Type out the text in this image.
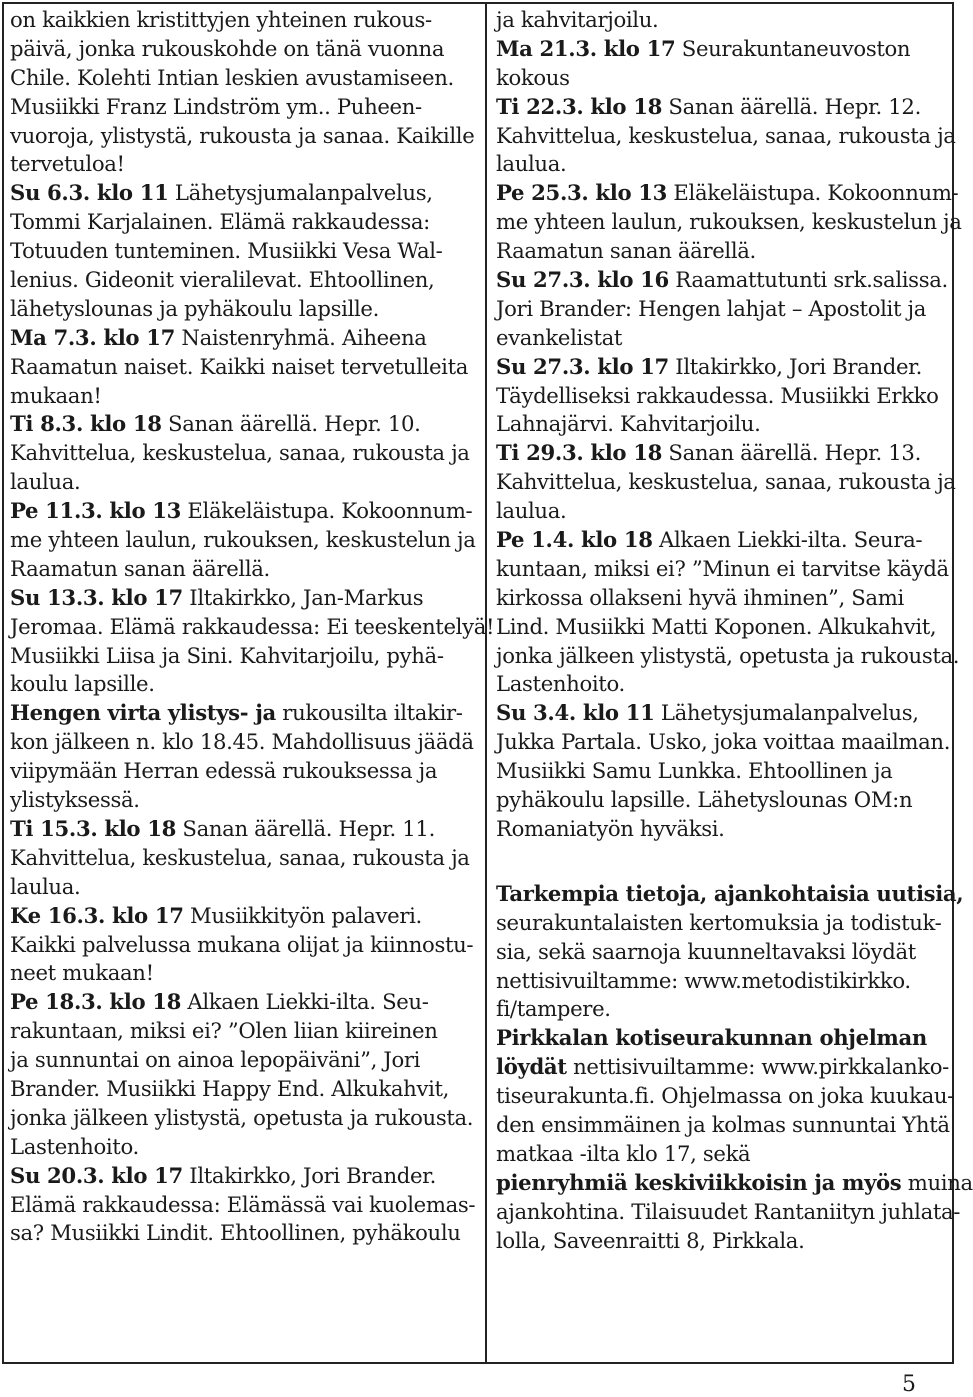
on kaikkien kristittyjen yhteinen rukous-
päivä, jonka rukouskohde on tänä vuonna
Chile. Kolehti Intian leskien avustamiseen.
Musiikki Franz Lindström ym.. Puheen-
vuoroja, ylistystä, rukousta ja sanaa. Kaikille
tervetuloa!
Su 6.3. klo 11 Lähetysjumalanpalvelus,
Tommi Karjalainen. Elämä rakkaudessa:
Totuuden tunteminen. Musiikki Vesa Wal-
lenius. Gideonit vieralilevat. Ehtoollinen,
lähetyslounas ja pyhäkoulu lapsille.
Ma 7.3. klo 17 Naistenryhmä. Aiheena
Raamatun naiset. Kaikki naiset tervetulleita
mukaan!
Ti 8.3. klo 18 Sanan äärellä. Hepr. 10.
Kahvittelua, keskustelua, sanaa, rukousta ja
laulua.
Pe 11.3. klo 13 Eläkeläistupa. Kokoonnum-
me yhteen laulun, rukouksen, keskustelun ja
Raamatun sanan äärellä.
Su 13.3. klo 17 Iltakirkko, Jan-Markus
Jeromaa. Elämä rakkaudessa: Ei teeskentelyä!
Musiikki Liisa ja Sini. Kahvitarjoilu, pyhä-
koulu lapsille.
Hengen virta ylistys- ja rukousilta iltakir-
kon jälkeen n. klo 18.45. Mahdollisuus jäädä
viipymään Herran edessä rukouksessa ja
ylistyksessä.
Ti 15.3. klo 18 Sanan äärellä. Hepr. 11.
Kahvittelua, keskustelua, sanaa, rukousta ja
laulua.
Ke 16.3. klo 17 Musiikkityön palaveri.
Kaikki palvelussa mukana olijat ja kiinnostu-
neet mukaan!
Pe 18.3. klo 18 Alkaen Liekki-ilta. Seu-
rakuntaan, miksi ei? ”Olen liian kiireinen
ja sunnuntai on ainoa lepopäiväni”, Jori
Brander. Musiikki Happy End. Alkukahvit,
jonka jälkeen ylistystä, opetusta ja rukousta.
Lastenhoito.
Su 20.3. klo 17 Iltakirkko, Jori Brander.
Elämä rakkaudessa: Elämässä vai kuolemas-
sa? Musiikki Lindit. Ehtoollinen, pyhäkoulu
ja kahvitarjoilu.
Ma 21.3. klo 17 Seurakuntaneuvoston
kokous
Ti 22.3. klo 18 Sanan äärellä. Hepr. 12.
Kahvittelua, keskustelua, sanaa, rukousta ja
laulua.
Pe 25.3. klo 13 Eläkeläistupa. Kokoonnum-
me yhteen laulun, rukouksen, keskustelun ja
Raamatun sanan äärellä.
Su 27.3. klo 16 Raamattutunti srk.salissa.
Jori Brander: Hengen lahjat – Apostolit ja
evankelistat
Su 27.3. klo 17 Iltakirkko, Jori Brander.
Täydelliseksi rakkaudessa. Musiikki Erkko
Lahnajärvi. Kahvitarjoilu.
Ti 29.3. klo 18 Sanan äärellä. Hepr. 13.
Kahvittelua, keskustelua, sanaa, rukousta ja
laulua.
Pe 1.4. klo 18 Alkaen Liekki-ilta. Seura-
kuntaan, miksi ei? ”Minun ei tarvitse käydä
kirkossa ollakseni hyvä ihminen”, Sami
Lind. Musiikki Matti Koponen. Alkukahvit,
jonka jälkeen ylistystä, opetusta ja rukousta.
Lastenhoito.
Su 3.4. klo 11 Lähetysjumalanpalvelus,
Jukka Partala. Usko, joka voittaa maailman.
Musiikki Samu Lunkka. Ehtoollinen ja
pyhäkoulu lapsille. Lähetyslounas OM:n
Romaniatyön hyväksi.
Tarkempia tietoja, ajankohtaisia uutisia,
seurakuntalaisten kertomuksia ja todistuk-
sia, sekä saarnoja kuunneltavaksi löydät
nettisivuiltamme: www.metodistikirkko.
fi/tampere.
Pirkkalan kotiseurakunnan ohjelman
löydät nettisivuiltamme: www.pirkkalanko-
tiseurakunta.fi. Ohjelmassa on joka kuukau-
den ensimmäinen ja kolmas sunnuntai Yhtä
matkaa -ilta klo 17, sekä
pienryhmiä keskiviikkoisin ja myös muina
ajankohtina. Tilaisuudet Rantaniityn juhlata-
lolla, Saveenraitti 8, Pirkkala.
5
